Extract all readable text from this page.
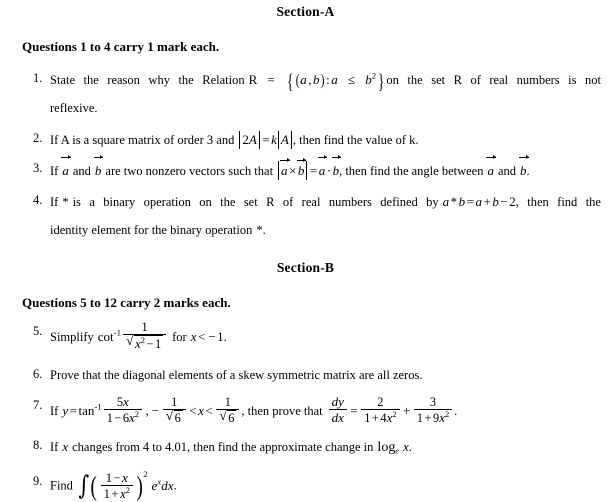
Section-A
Questions 1 to 4 carry 1 mark each.
1. State the reason why the Relation R = { (a , b) : $a \le b^2$} on the set R of real numbers is not
reflexive.
2. If A is a square matrix of order 3 and 2A = k A , then find the value of k.
3. If a and b are two nonzero vectors such that a × b = a · b, then find the angle between a and b.
4. If * is a binary operation on the set R of real numbers defined by a * b = a + b − 2, then find the
identity element for the binary operation *.
Section-B
Questions 5 to 12 carry 2 marks each.
5. Simplify $\cot^{-1} \frac{1}{√ x^2 - 1}$ for x < − 1.
6. Prove that the diagonal elements of a skew symmetric matrix are all zeros.
7. If $y = \tan^{-1} \frac{5x}{1 - 6x^2}$ , − $\frac{1}{√ 6} < x < \frac{1}{√ 6}$ , then prove that $\frac{dy}{dx} = \frac{2}{1 + 4x^2} + \frac{3}{1 + 9x^2}$ .
8. If x changes from 4 to 4.01, then find the approximate change in $\log_e x$.
9. Find ∫( $\frac{1 - x}{1 + x^2} )2e^xdx$.
